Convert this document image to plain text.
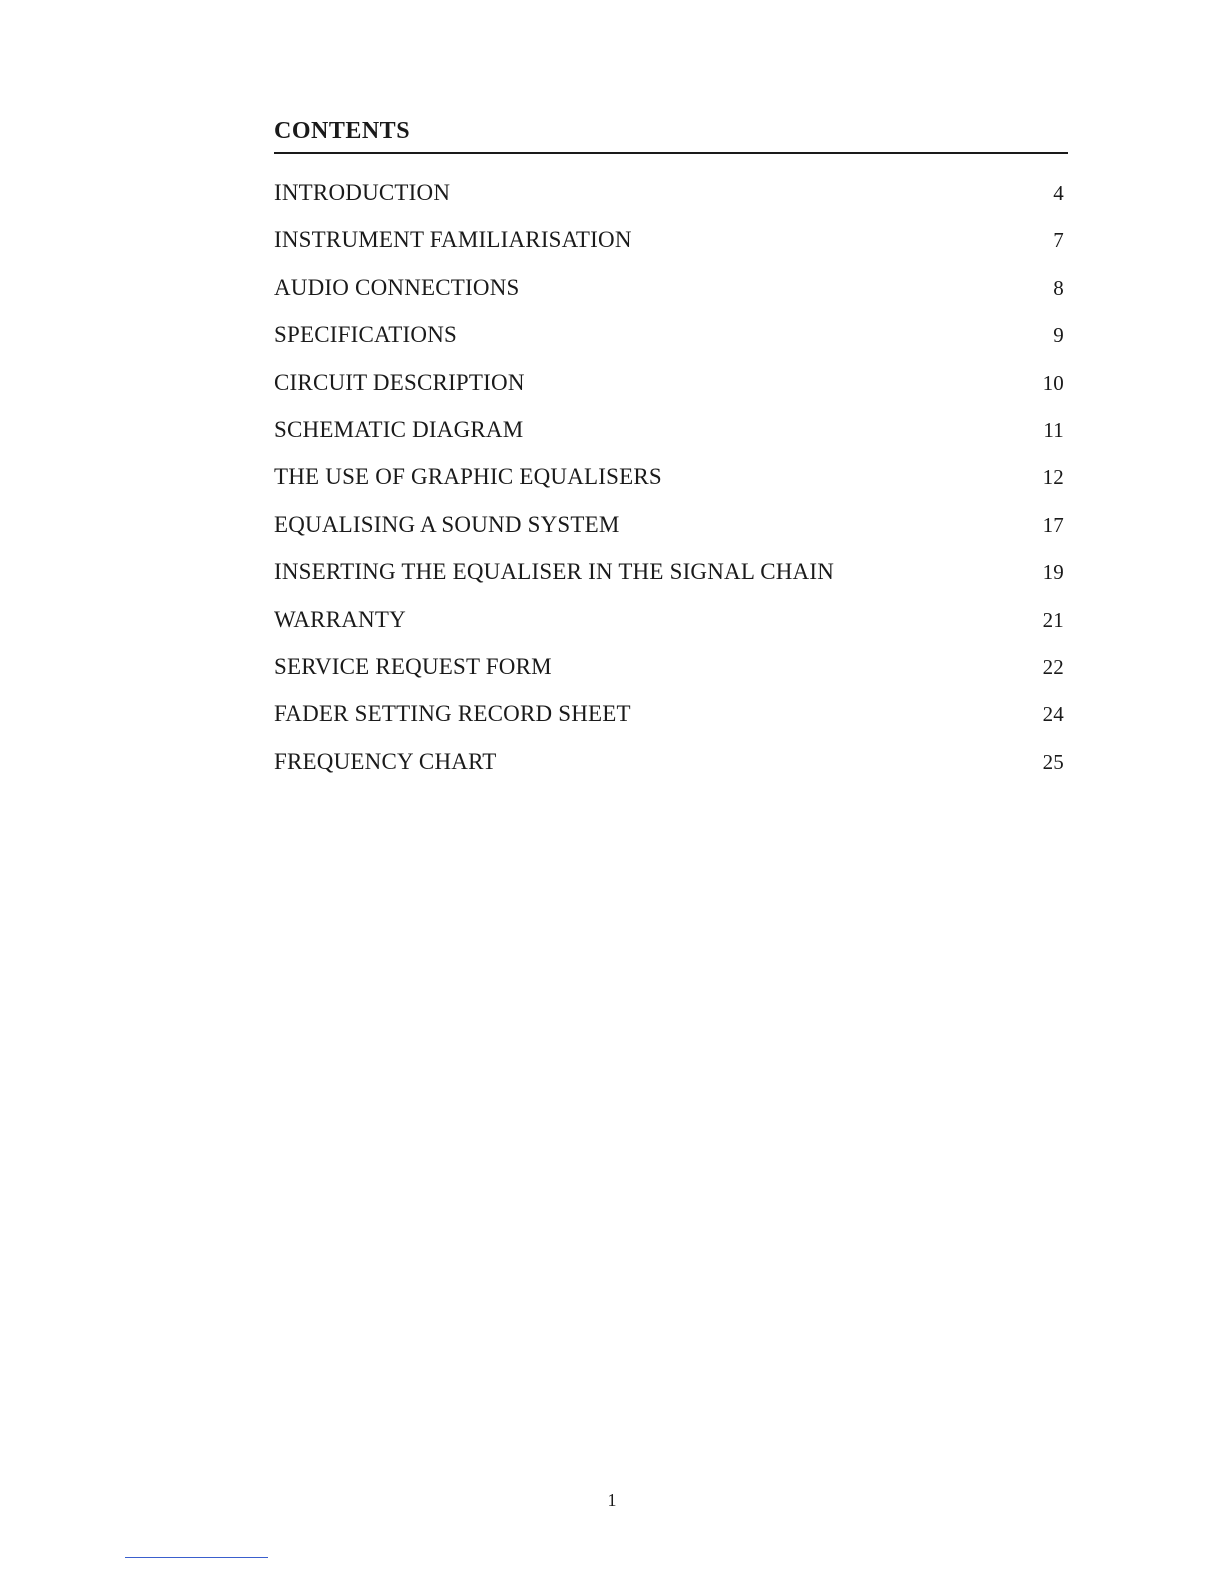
CONTENTS
INTRODUCTION	4
INSTRUMENT FAMILIARISATION	7
AUDIO CONNECTIONS	8
SPECIFICATIONS	9
CIRCUIT DESCRIPTION	10
SCHEMATIC DIAGRAM	11
THE USE OF GRAPHIC EQUALISERS	12
EQUALISING A SOUND SYSTEM	17
INSERTING THE EQUALISER IN THE SIGNAL CHAIN	19
WARRANTY	21
SERVICE REQUEST FORM	22
FADER SETTING RECORD SHEET	24
FREQUENCY CHART	25
1
